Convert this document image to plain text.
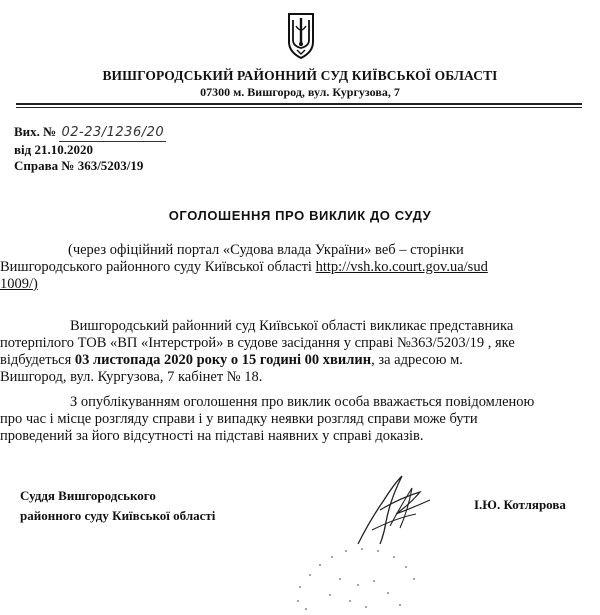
ВИШГОРОДСЬКИЙ РАЙОННИЙ СУД КИЇВСЬКОЇ ОБЛАСТІ
07300 м. Вишгород, вул. Кургузова, 7
Вих. № 02-23/1236/20
від 21.10.2020
Справа № 363/5203/19
ОГОЛОШЕННЯ ПРО ВИКЛИК ДО СУДУ
(через офіційний портал «Судова влада України» веб – сторінки
Вишгородського районного суду Київської області http://vsh.ko.court.gov.ua/sud
1009/)
Вишгородський районний суд Київської області викликає представника
потерпілого ТОВ «ВП «Інтерстрой» в судове засідання у справі №363/5203/19 , яке
відбудеться 03 листопада 2020 року о 15 годині 00 хвилин, за адресою м.
Вишгород, вул. Кургузова, 7 кабінет № 18.
З опублікуванням оголошення про виклик особа вважається повідомленою
про час і місце розгляду справи і у випадку неявки розгляд справи може бути
проведений за його відсутності на підставі наявних у справі доказів.
Суддя Вишгородського
районного суду Київської області
І.Ю. Котлярова
